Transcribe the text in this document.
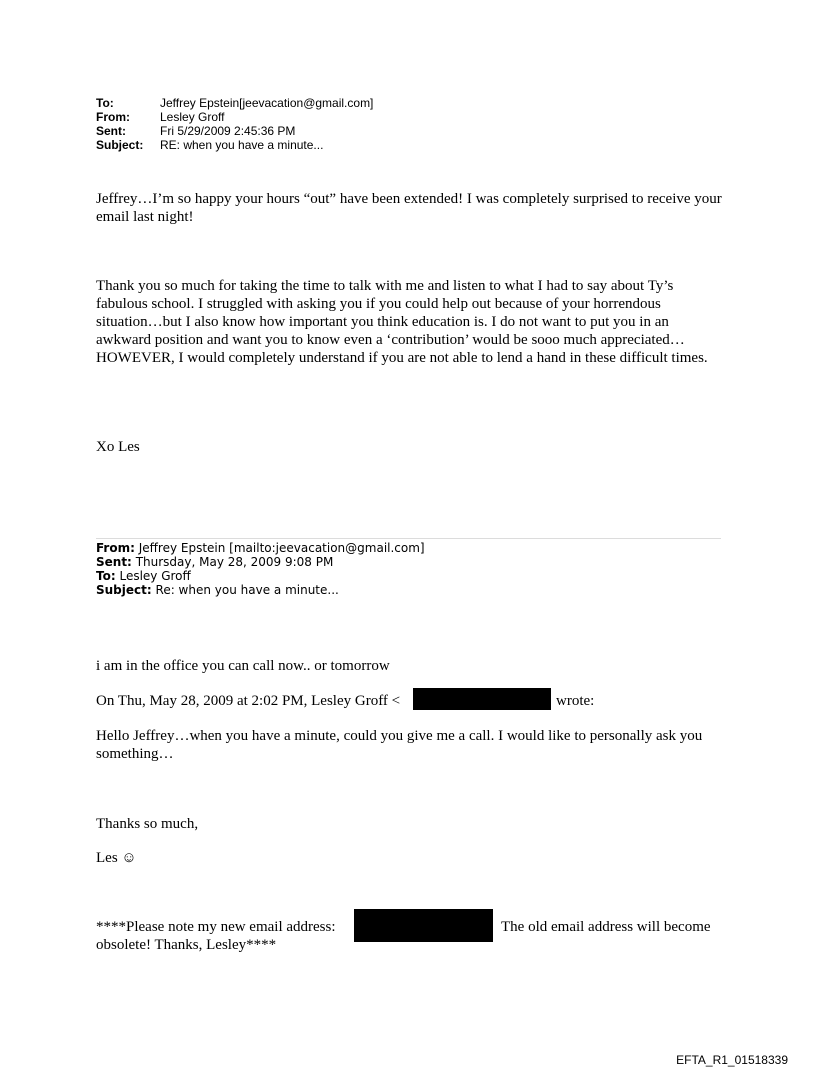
To:	Jeffrey Epstein[jeevacation@gmail.com]
From:	Lesley Groff
Sent:	Fri 5/29/2009 2:45:36 PM
Subject: RE: when you have a minute...
Jeffrey…I’m so happy your hours “out” have been extended! I was completely surprised to receive your email last night!
Thank you so much for taking the time to talk with me and listen to what I had to say about Ty’s fabulous school. I struggled with asking you if you could help out because of your horrendous situation…but I also know how important you think education is. I do not want to put you in an awkward position and want you to know even a ‘contribution’ would be sooo much appreciated…HOWEVER, I would completely understand if you are not able to lend a hand in these difficult times.
Xo Les
From: Jeffrey Epstein [mailto:jeevacation@gmail.com]
Sent: Thursday, May 28, 2009 9:08 PM
To: Lesley Groff
Subject: Re: when you have a minute...
i am in the office you can call now.. or tomorrow
On Thu, May 28, 2009 at 2:02 PM, Lesley Groff <	wrote:
Hello Jeffrey…when you have a minute, could you give me a call. I would like to personally ask you something…
Thanks so much,
Les ☺
****Please note my new email address:	The old email address will become
obsolete! Thanks, Lesley****
EFTA_R1_01518339
